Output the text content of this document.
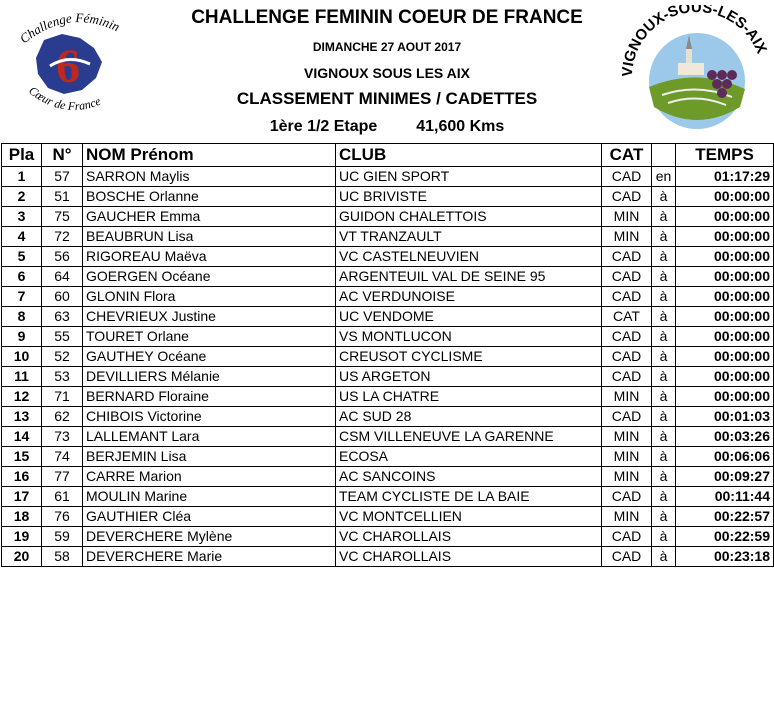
Challenge Féminin
6
Cœur de France
GNOUX-SOUS-LES-AIX
CHALLENGE FEMININ COEUR DE FRANCE
DIMANCHE 27 AOUT 2017
VIGNOUX SOUS LES AIX
CLASSEMENT MINIMES / CADETTES
1ère 1/2 Etape 41,600 Kms
Pla	N°	NOM Prénom	CLUB	CAT		TEMPS
1	57	SARRON Maylis	UC GIEN SPORT	CAD	en	01:17:29
2	51	BOSCHE Orlanne	UC BRIVISTE	CAD	à	00:00:00
3	75	GAUCHER Emma	GUIDON CHALETTOIS	MIN	à	00:00:00
4	72	BEAUBRUN Lisa	VT TRANZAULT	MIN	à	00:00:00
5	56	RIGOREAU Maëva	VC CASTELNEUVIEN	CAD	à	00:00:00
6	64	GOERGEN Océane	ARGENTEUIL VAL DE SEINE 95	CAD	à	00:00:00
7	60	GLONIN Flora	AC VERDUNOISE	CAD	à	00:00:00
8	63	CHEVRIEUX Justine	UC VENDOME	CAT	à	00:00:00
9	55	TOURET Orlane	VS MONTLUCON	CAD	à	00:00:00
10	52	GAUTHEY Océane	CREUSOT CYCLISME	CAD	à	00:00:00
11	53	DEVILLIERS Mélanie	US ARGETON	CAD	à	00:00:00
12	71	BERNARD Floraine	US LA CHATRE	MIN	à	00:00:00
13	62	CHIBOIS Victorine	AC SUD 28	CAD	à	00:01:03
14	73	LALLEMANT Lara	CSM VILLENEUVE LA GARENNE	MIN	à	00:03:26
15	74	BERJEMIN Lisa	ECOSA	MIN	à	00:06:06
16	77	CARRE Marion	AC SANCOINS	MIN	à	00:09:27
17	61	MOULIN Marine	TEAM CYCLISTE DE LA BAIE	CAD	à	00:11:44
18	76	GAUTHIER Cléa	VC MONTCELLIEN	MIN	à	00:22:57
19	59	DEVERCHERE Mylène	VC CHAROLLAIS	CAD	à	00:22:59
20	58	DEVERCHERE Marie	VC CHAROLLAIS	CAD	à	00:23:18
